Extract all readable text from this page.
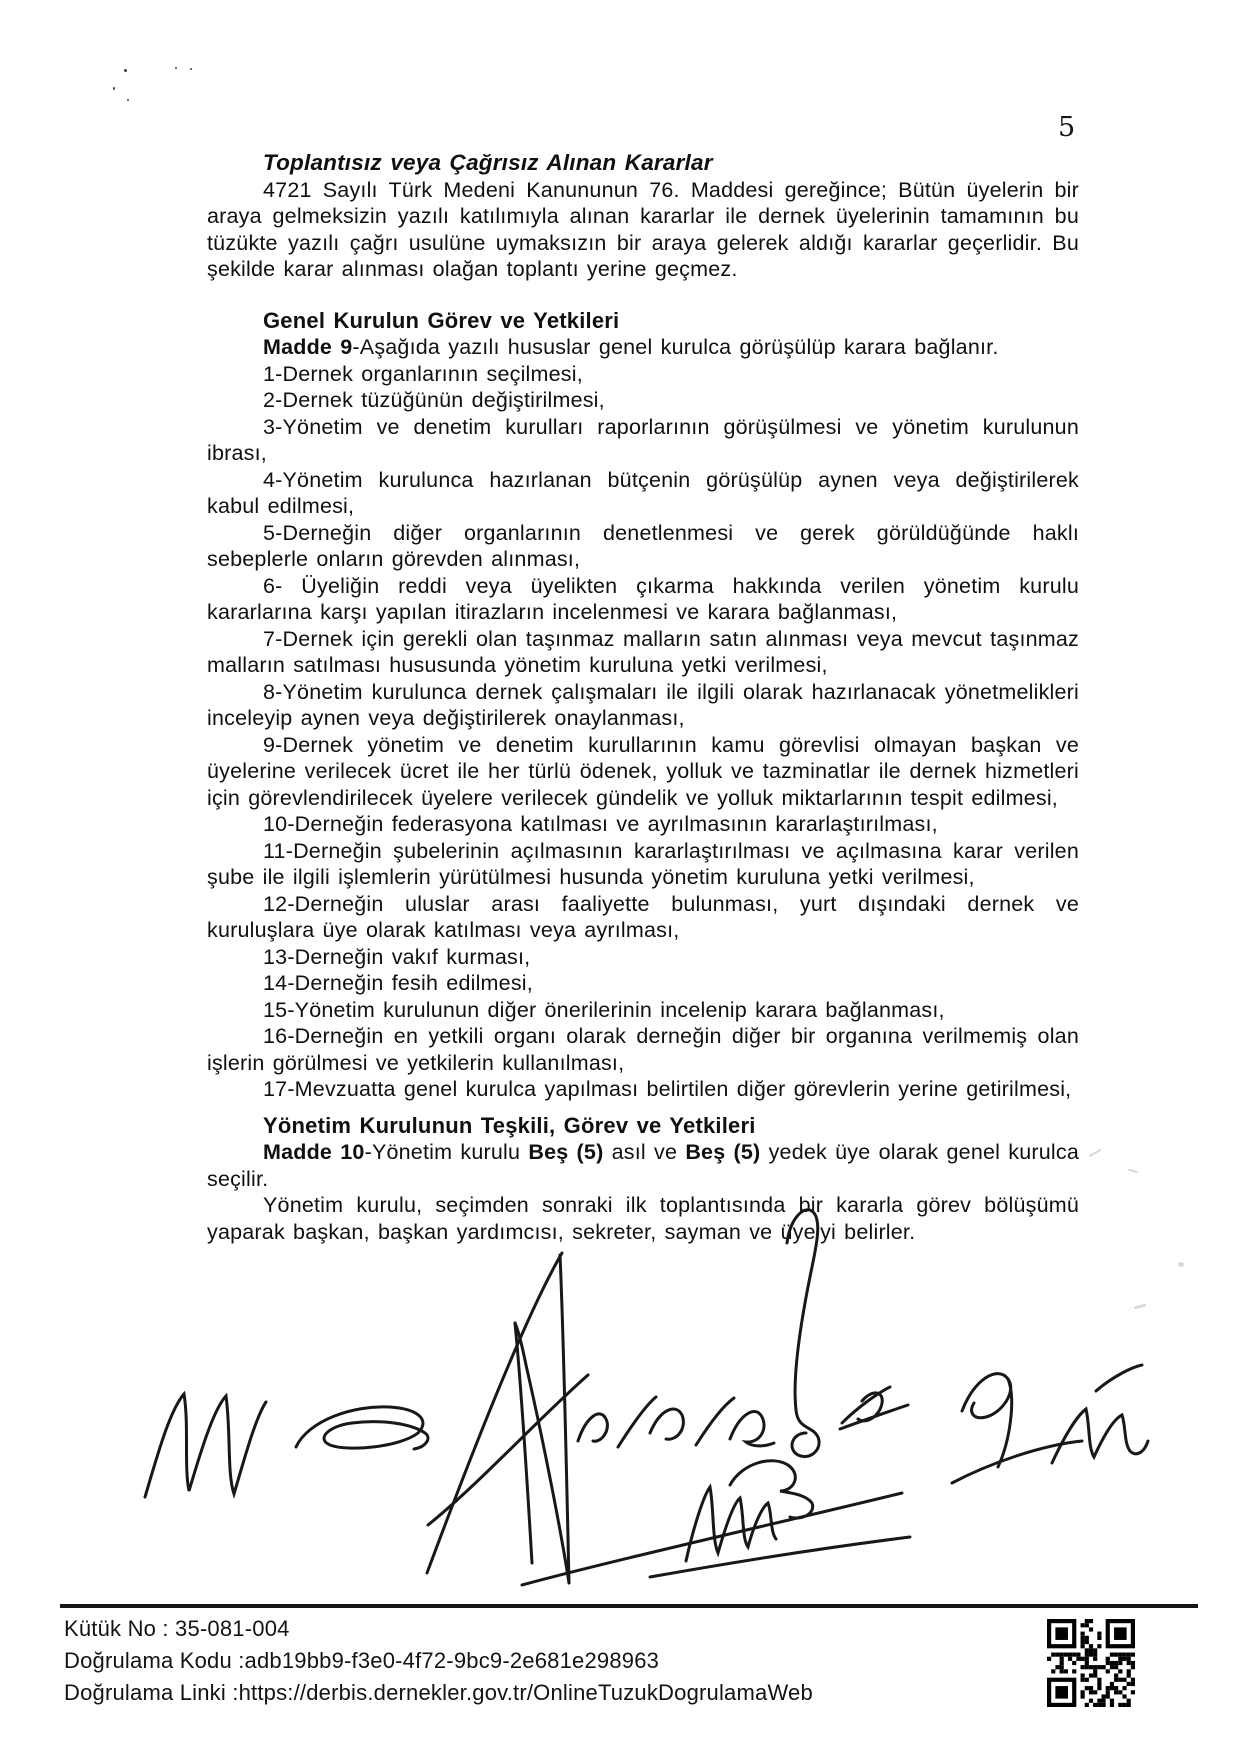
5

Toplantısız veya Çağrısız Alınan Kararlar

4721 Sayılı Türk Medeni Kanununun 76. Maddesi gereğince; Bütün üyelerin bir araya gelmeksizin yazılı katılımıyla alınan kararlar ile dernek üyelerinin tamamının bu tüzükte yazılı çağrı usulüne uymaksızın bir araya gelerek aldığı kararlar geçerlidir. Bu şekilde karar alınması olağan toplantı yerine geçmez.

Genel Kurulun Görev ve Yetkileri

Madde 9-Aşağıda yazılı hususlar genel kurulca görüşülüp karara bağlanır.

1-Dernek organlarının seçilmesi,

2-Dernek tüzüğünün değiştirilmesi,

3-Yönetim ve denetim kurulları raporlarının görüşülmesi ve yönetim kurulunun ibrası,

4-Yönetim kurulunca hazırlanan bütçenin görüşülüp aynen veya değiştirilerek kabul edilmesi,

5-Derneğin diğer organlarının denetlenmesi ve gerek görüldüğünde haklı sebeplerle onların görevden alınması,

6- Üyeliğin reddi veya üyelikten çıkarma hakkında verilen yönetim kurulu kararlarına karşı yapılan itirazların incelenmesi ve karara bağlanması,

7-Dernek için gerekli olan taşınmaz malların satın alınması veya mevcut taşınmaz malların satılması hususunda yönetim kuruluna yetki verilmesi,

8-Yönetim kurulunca dernek çalışmaları ile ilgili olarak hazırlanacak yönetmelikleri inceleyip aynen veya değiştirilerek onaylanması,

9-Dernek yönetim ve denetim kurullarının kamu görevlisi olmayan başkan ve üyelerine verilecek ücret ile her türlü ödenek, yolluk ve tazminatlar ile dernek hizmetleri için görevlendirilecek üyelere verilecek gündelik ve yolluk miktarlarının tespit edilmesi,

10-Derneğin federasyona katılması ve ayrılmasının kararlaştırılması,

11-Derneğin şubelerinin açılmasının kararlaştırılması ve açılmasına karar verilen şube ile ilgili işlemlerin yürütülmesi husunda yönetim kuruluna yetki verilmesi,

12-Derneğin uluslar arası faaliyette bulunması, yurt dışındaki dernek ve kuruluşlara üye olarak katılması veya ayrılması,

13-Derneğin vakıf kurması,

14-Derneğin fesih edilmesi,

15-Yönetim kurulunun diğer önerilerinin incelenip karara bağlanması,

16-Derneğin en yetkili organı olarak derneğin diğer bir organına verilmemiş olan işlerin görülmesi ve yetkilerin kullanılması,

17-Mevzuatta genel kurulca yapılması belirtilen diğer görevlerin yerine getirilmesi,

Yönetim Kurulunun Teşkili, Görev ve Yetkileri

Madde 10-Yönetim kurulu Beş (5) asıl ve Beş (5) yedek üye olarak genel kurulca seçilir.

Yönetim kurulu, seçimden sonraki ilk toplantısında bir kararla görev bölüşümü yaparak başkan, başkan yardımcısı, sekreter, sayman ve üye'yi belirler.

Kütük No : 35-081-004
Doğrulama Kodu :adb19bb9-f3e0-4f72-9bc9-2e681e298963
Doğrulama Linki :https://derbis.dernekler.gov.tr/OnlineTuzukDogrulamaWeb
